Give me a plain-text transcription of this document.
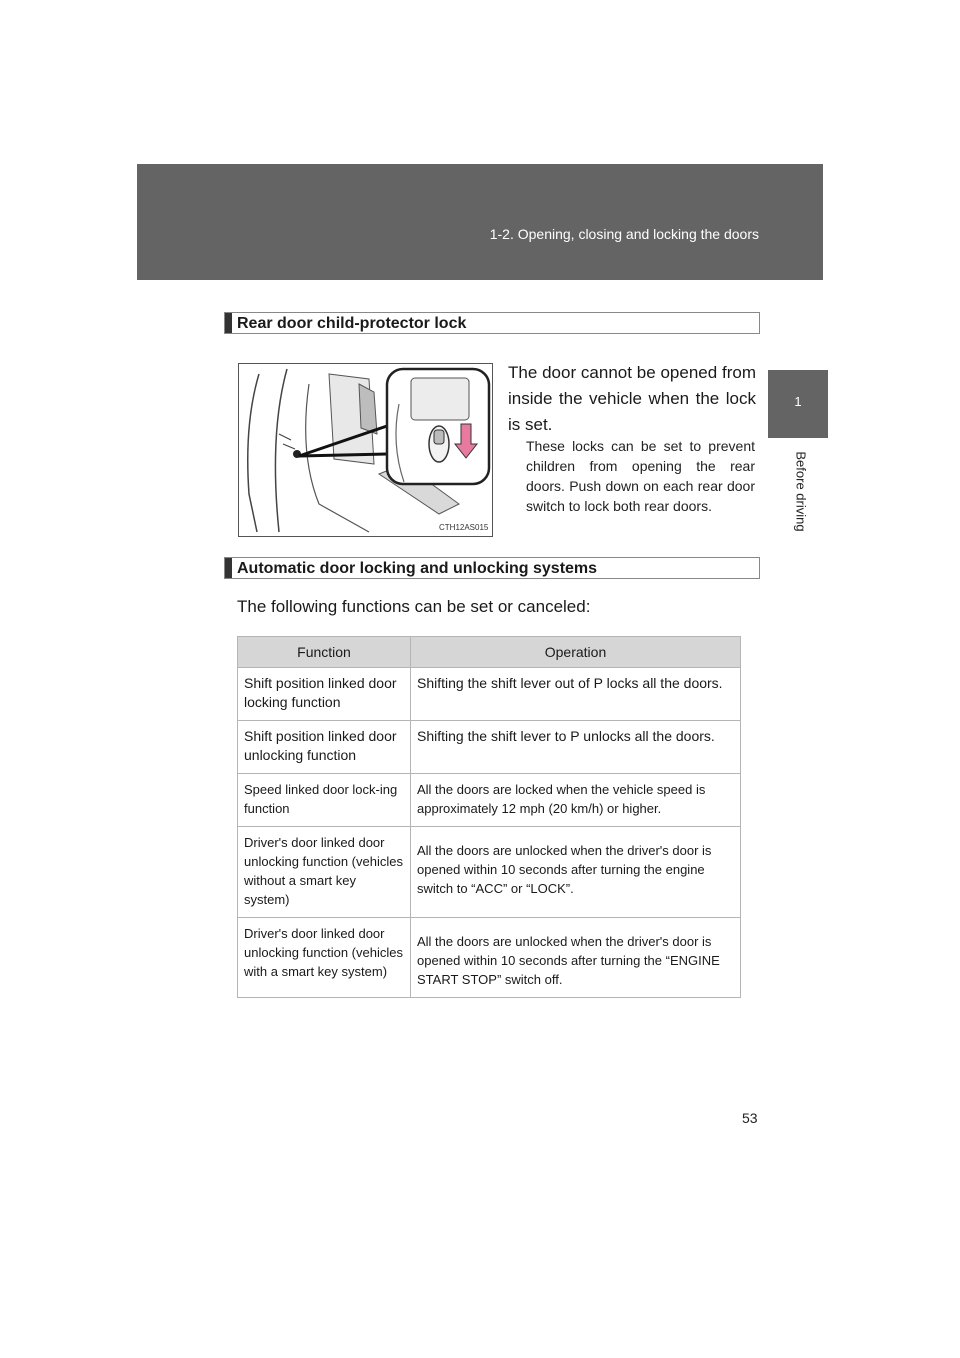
1-2. Opening, closing and locking the doors
1
Before driving
Rear door child-protector lock
CTH12AS015
The door cannot be opened from inside the vehicle when the lock is set.
These locks can be set to prevent children from opening the rear doors. Push down on each rear door switch to lock both rear doors.
Automatic door locking and unlocking systems
The following functions can be set or canceled:
Function	Operation
Shift position linked door locking function	Shifting the shift lever out of P locks all the doors.
Shift position linked door unlocking function	Shifting the shift lever to P unlocks all the doors.
Speed linked door lock-ing function	All the doors are locked when the vehicle speed is approximately 12 mph (20 km/h) or higher.
Driver's door linked door unlocking function (vehicles without a smart key system)	All the doors are unlocked when the driver's door is opened within 10 seconds after turning the engine switch to “ACC” or “LOCK”.
Driver's door linked door unlocking function (vehicles with a smart key system)	All the doors are unlocked when the driver's door is opened within 10 seconds after turning the “ENGINE START STOP” switch off.
53
